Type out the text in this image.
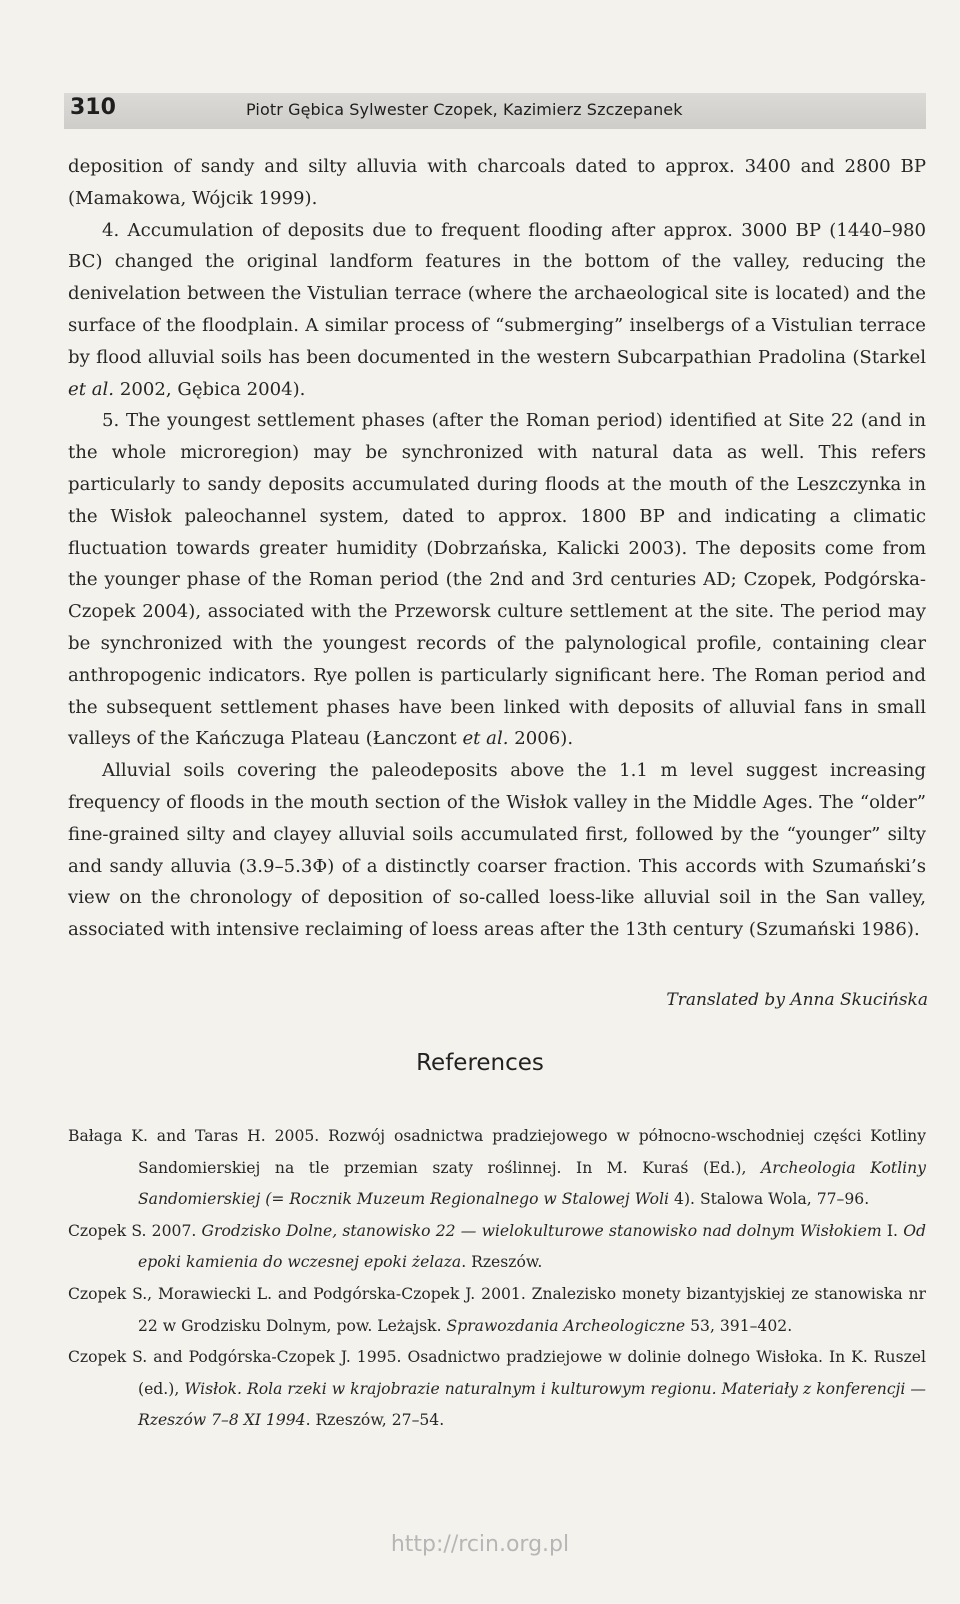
310	Piotr Gębica Sylwester Czopek, Kazimierz Szczepanek

deposition of sandy and silty alluvia with charcoals dated to approx. 3400 and 2800 BP (Mamakowa, Wójcik 1999).

4. Accumulation of deposits due to frequent flooding after approx. 3000 BP (1440–980 BC) changed the original landform features in the bottom of the valley, reducing the denivelation between the Vistulian terrace (where the archaeological site is located) and the surface of the floodplain. A similar process of “submerging” inselbergs of a Vistulian terrace by flood alluvial soils has been documented in the western Subcarpathian Pradolina (Starkel et al. 2002, Gębica 2004).

5. The youngest settlement phases (after the Roman period) identified at Site 22 (and in the whole microregion) may be synchronized with natural data as well. This refers particularly to sandy deposits accumulated during floods at the mouth of the Leszczynka in the Wisłok paleochannel system, dated to approx. 1800 BP and indicating a climatic fluctuation towards greater humidity (Dobrzańska, Kalicki 2003). The deposits come from the younger phase of the Roman period (the 2nd and 3rd centuries AD; Czopek, Podgórska-Czopek 2004), associated with the Przeworsk culture settlement at the site. The period may be synchronized with the youngest records of the palynological profile, containing clear anthropogenic indicators. Rye pollen is particularly significant here. The Roman period and the subsequent settlement phases have been linked with deposits of alluvial fans in small valleys of the Kańczuga Plateau (Łanczont et al. 2006).

Alluvial soils covering the paleodeposits above the 1.1 m level suggest increasing frequency of floods in the mouth section of the Wisłok valley in the Middle Ages. The “older” fine-grained silty and clayey alluvial soils accumulated first, followed by the “younger” silty and sandy alluvia (3.9–5.3Φ) of a distinctly coarser fraction. This accords with Szumański’s view on the chronology of deposition of so-called loess-like alluvial soil in the San valley, associated with intensive reclaiming of loess areas after the 13th century (Szumański 1986).

Translated by Anna Skucińska
References

Bałaga K. and Taras H. 2005. Rozwój osadnictwa pradziejowego w północno-wschodniej części Kotliny Sandomierskiej na tle przemian szaty roślinnej. In M. Kuraś (Ed.), Archeologia Kotliny Sandomierskiej (= Rocznik Muzeum Regionalnego w Stalowej Woli 4). Stalowa Wola, 77–96.

Czopek S. 2007. Grodzisko Dolne, stanowisko 22 — wielokulturowe stanowisko nad dolnym Wisłokiem I. Od epoki kamienia do wczesnej epoki żelaza. Rzeszów.

Czopek S., Morawiecki L. and Podgórska-Czopek J. 2001. Znalezisko monety bizantyjskiej ze stanowiska nr 22 w Grodzisku Dolnym, pow. Leżajsk. Sprawozdania Archeologiczne 53, 391–402.

Czopek S. and Podgórska-Czopek J. 1995. Osadnictwo pradziejowe w dolinie dolnego Wisłoka. In K. Ruszel (ed.), Wisłok. Rola rzeki w krajobrazie naturalnym i kulturowym regionu. Materiały z konferencji — Rzeszów 7–8 XI 1994. Rzeszów, 27–54.

http://rcin.org.pl
